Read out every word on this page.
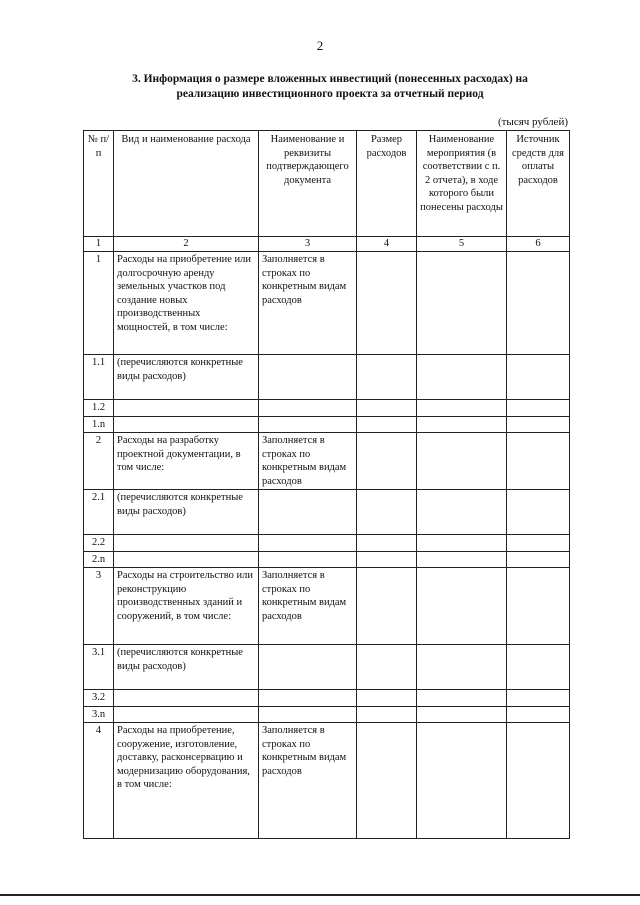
2
3. Информация о размере вложенных инвестиций (понесенных расходах) на
реализацию инвестиционного проекта за отчетный период
(тысяч рублей)
№ п/п	Вид и наименование расхода	Наименование и реквизиты подтверждающего документа	Размер расходов	Наименование мероприятия (в соответствии с п. 2 отчета), в ходе которого были понесены расходы	Источник средств для оплаты расходов
1	2	3	4	5	6
1	Расходы на приобретение или долгосрочную аренду земельных участков под создание новых производственных мощностей, в том числе:	Заполняется в строках по конкретным видам расходов			
1.1	(перечисляются конкретные виды расходов)				
1.2					
1.n					
2	Расходы на разработку проектной документации, в том числе:	Заполняется в строках по конкретным видам расходов			
2.1	(перечисляются конкретные виды расходов)				
2.2					
2.n					
3	Расходы на строительство или реконструкцию производственных зданий и сооружений, в том числе:	Заполняется в строках по конкретным видам расходов			
3.1	(перечисляются конкретные виды расходов)				
3.2					
3.n					
4	Расходы на приобретение, сооружение, изготовление, доставку, расконсервацию и модернизацию оборудования, в том числе:	Заполняется в строках по конкретным видам расходов			
